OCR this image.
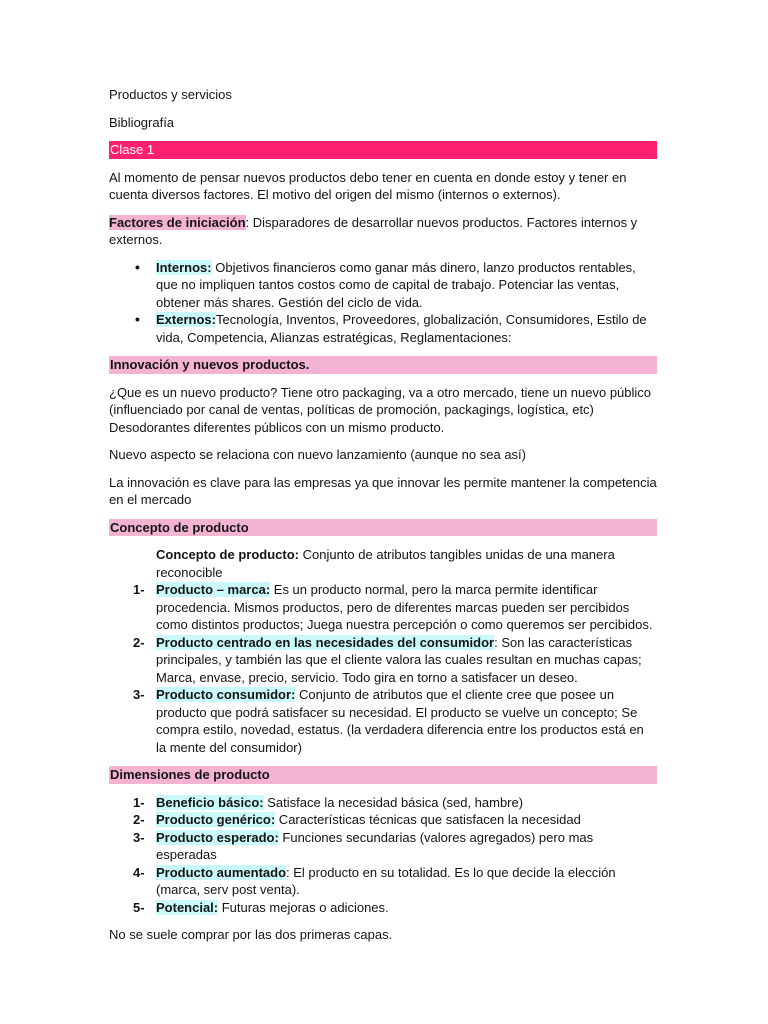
Productos y servicios

Bibliografía

Clase 1

Al momento de pensar nuevos productos debo tener en cuenta en donde estoy y tener en cuenta diversos factores. El motivo del origen del mismo (internos o externos).

Factores de iniciación: Disparadores de desarrollar nuevos productos. Factores internos y externos.

•	Internos: Objetivos financieros como ganar más dinero, lanzo productos rentables, que no impliquen tantos costos como de capital de trabajo. Potenciar las ventas, obtener más shares. Gestión del ciclo de vida.
•	Externos:Tecnología, Inventos, Proveedores, globalización, Consumidores, Estilo de vida, Competencia, Alianzas estratégicas, Reglamentaciones:
Innovación y nuevos productos.

¿Que es un nuevo producto? Tiene otro packaging, va a otro mercado, tiene un nuevo público (influenciado por canal de ventas, políticas de promoción, packagings, logística, etc) Desodorantes diferentes públicos con un mismo producto.

Nuevo aspecto se relaciona con nuevo lanzamiento (aunque no sea así)

La innovación es clave para las empresas ya que innovar les permite mantener la competencia en el mercado

Concepto de producto

Concepto de producto: Conjunto de atributos tangibles unidas de una manera reconocible

1- Producto – marca: Es un producto normal, pero la marca permite identificar procedencia. Mismos productos, pero de diferentes marcas pueden ser percibidos como distintos productos; Juega nuestra percepción o como queremos ser percibidos.
2- Producto centrado en las necesidades del consumidor: Son las características principales, y también las que el cliente valora las cuales resultan en muchas capas; Marca, envase, precio, servicio. Todo gira en torno a satisfacer un deseo.
3- Producto consumidor: Conjunto de atributos que el cliente cree que posee un producto que podrá satisfacer su necesidad. El producto se vuelve un concepto; Se compra estilo, novedad, estatus. (la verdadera diferencia entre los productos está en la mente del consumidor)
Dimensiones de producto
1- Beneficio básico: Satisface la necesidad básica (sed, hambre)
2- Producto genérico: Características técnicas que satisfacen la necesidad
3- Producto esperado: Funciones secundarias (valores agregados) pero mas esperadas
4- Producto aumentado: El producto en su totalidad. Es lo que decide la elección (marca, serv post venta).
5- Potencial: Futuras mejoras o adiciones.

No se suele comprar por las dos primeras capas.
